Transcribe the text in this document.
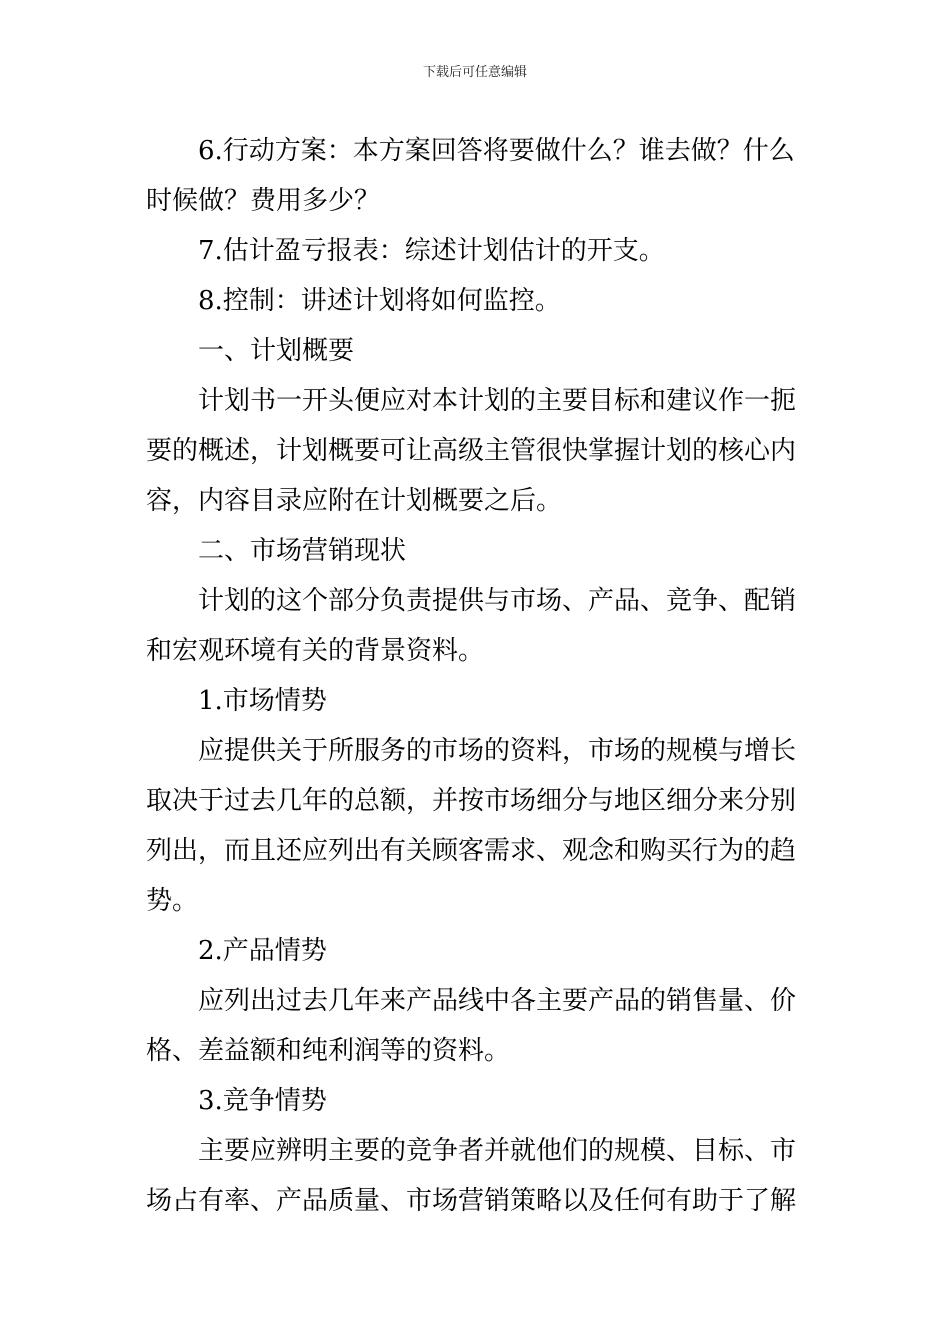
下载后可任意编辑
6.行动方案：本方案回答将要做什么？谁去做？什么
时候做？费用多少？
7.估计盈亏报表：综述计划估计的开支。
8.控制：讲述计划将如何监控。
一、计划概要
计划书一开头便应对本计划的主要目标和建议作一扼
要的概述，计划概要可让高级主管很快掌握计划的核心内
容，内容目录应附在计划概要之后。
二、市场营销现状
计划的这个部分负责提供与市场、产品、竞争、配销
和宏观环境有关的背景资料。
1.市场情势
应提供关于所服务的市场的资料，市场的规模与增长
取决于过去几年的总额，并按市场细分与地区细分来分别
列出，而且还应列出有关顾客需求、观念和购买行为的趋
势。
2.产品情势
应列出过去几年来产品线中各主要产品的销售量、价
格、差益额和纯利润等的资料。
3.竞争情势
主要应辨明主要的竞争者并就他们的规模、目标、市
场占有率、产品质量、市场营销策略以及任何有助于了解
